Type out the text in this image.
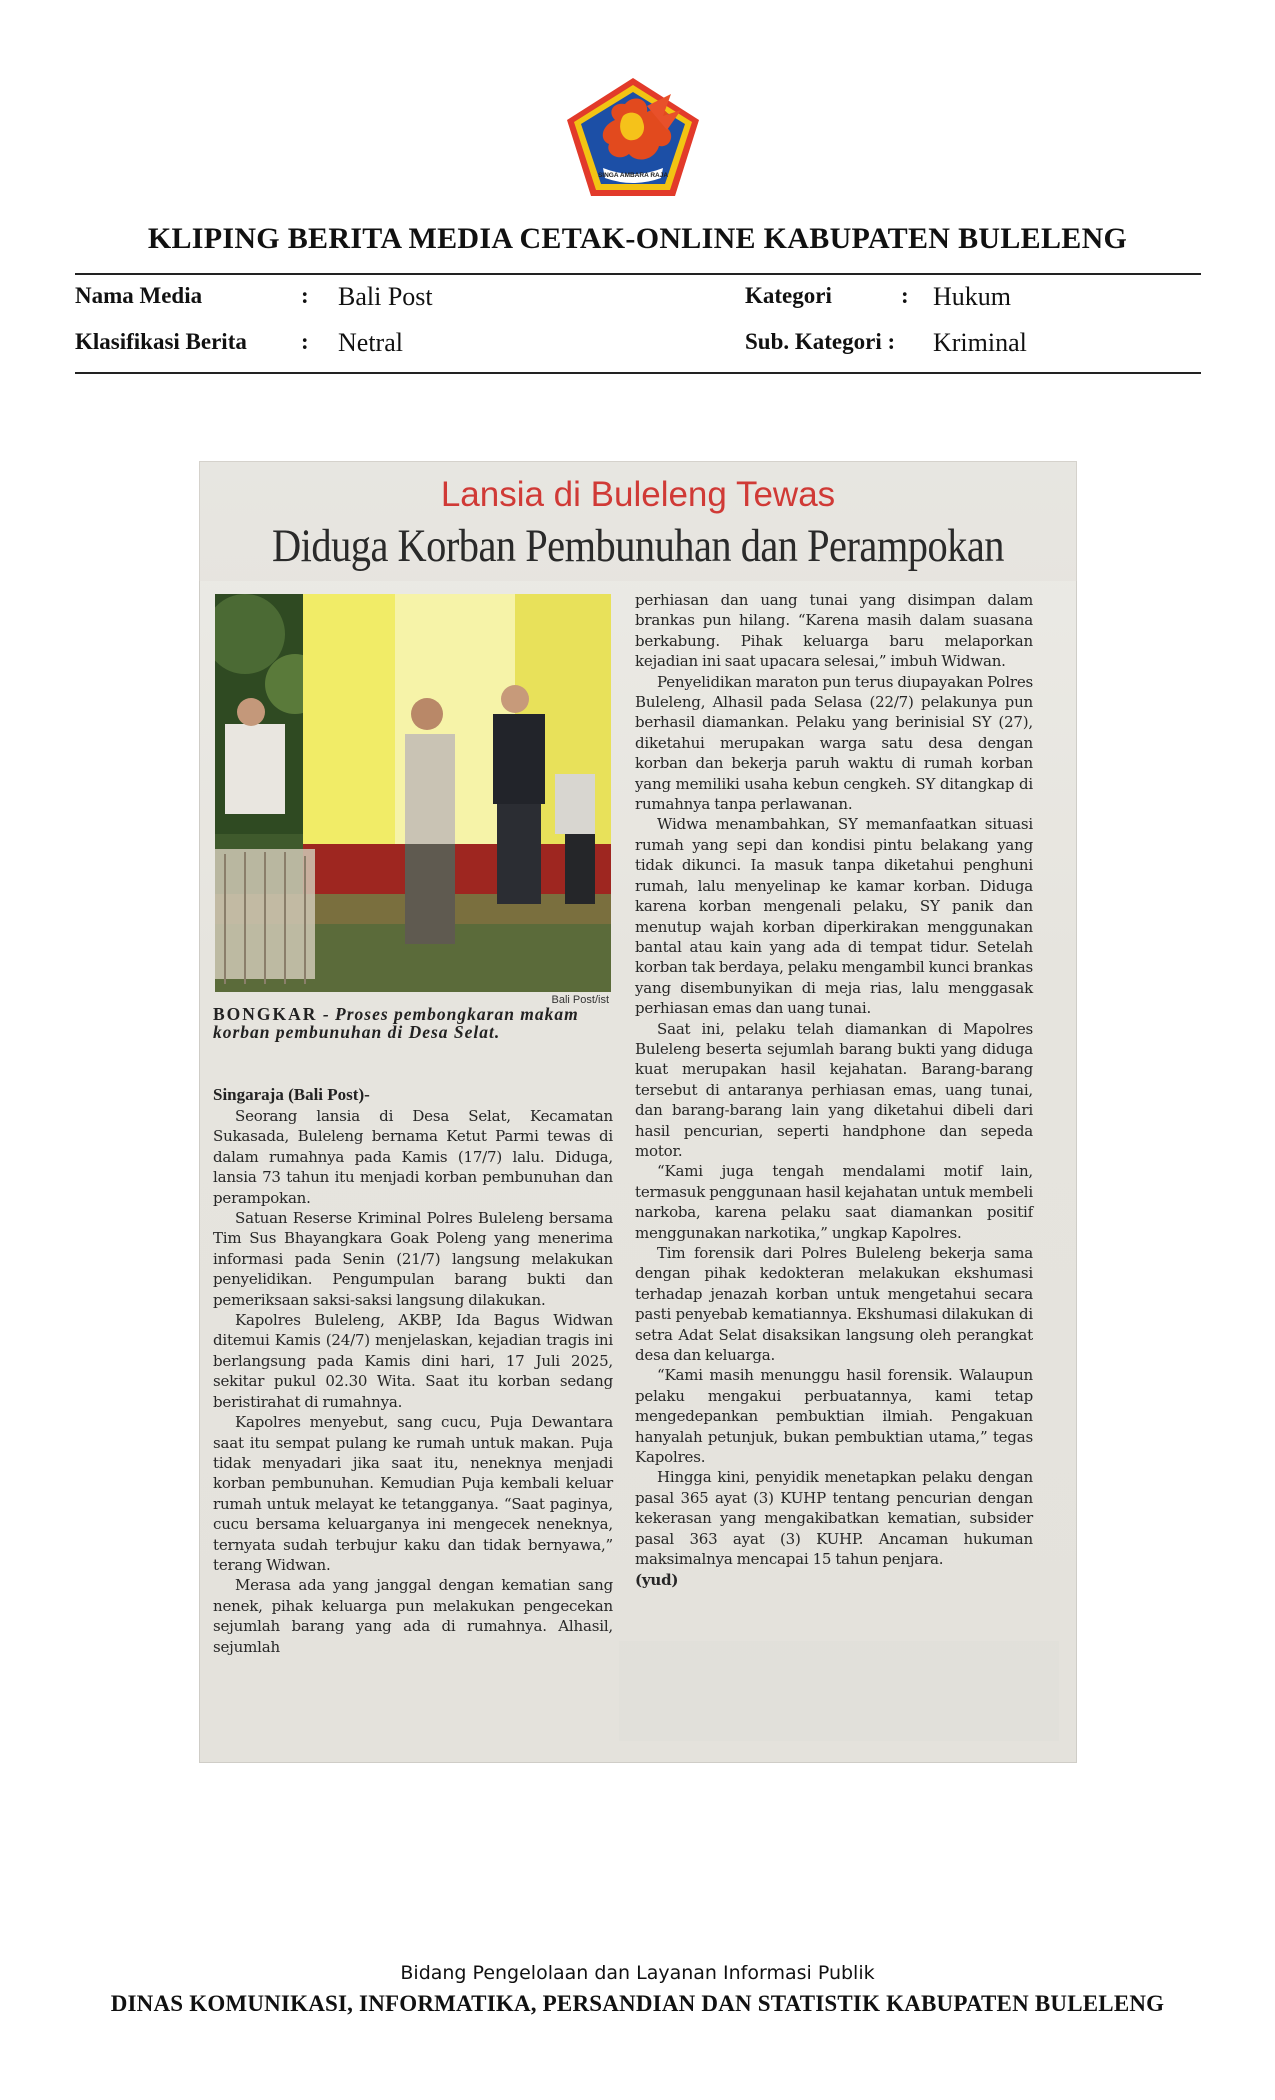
SINGA AMBARA RAJA
KLIPING BERITA MEDIA CETAK-ONLINE KABUPATEN BULELENG
Nama Media	: Bali Post	Kategori	: Hukum
Klasifikasi Berita : Netral	Sub. Kategori : Kriminal
Lansia di Buleleng Tewas
Diduga Korban Pembunuhan dan Perampokan
Bali Post/ist
BONGKAR - Proses pembongkaran makam korban pembunuhan di Desa Selat.
Singaraja (Bali Post)-

Seorang lansia di Desa Selat, Kecamatan Sukasada, Buleleng bernama Ketut Parmi tewas di dalam rumahnya pada Kamis (17/7) lalu. Diduga, lansia 73 tahun itu menjadi korban pembunuhan dan perampokan.

Satuan Reserse Kriminal Polres Buleleng bersama Tim Sus Bhayangkara Goak Poleng yang menerima informasi pada Senin (21/7) langsung melakukan penyelidikan. Pengumpulan barang bukti dan pemeriksaan saksi-saksi langsung dilakukan.

Kapolres Buleleng, AKBP, Ida Bagus Widwan ditemui Kamis (24/7) menjelaskan, kejadian tragis ini berlangsung pada Kamis dini hari, 17 Juli 2025, sekitar pukul 02.30 Wita. Saat itu korban sedang beristirahat di rumahnya.

Kapolres menyebut, sang cucu, Puja Dewantara saat itu sempat pulang ke rumah untuk makan. Puja tidak menyadari jika saat itu, neneknya menjadi korban pembunuhan. Kemudian Puja kembali keluar rumah untuk melayat ke tetangganya. “Saat paginya, cucu bersama keluarganya ini mengecek neneknya, ternyata sudah terbujur kaku dan tidak bernyawa,” terang Widwan.

Merasa ada yang janggal dengan kematian sang nenek, pihak keluarga pun melakukan pengecekan sejumlah barang yang ada di rumahnya. Alhasil, sejumlah

perhiasan dan uang tunai yang disimpan dalam brankas pun hilang. “Karena masih dalam suasana berkabung. Pihak keluarga baru melaporkan kejadian ini saat upacara selesai,” imbuh Widwan.

Penyelidikan maraton pun terus diupayakan Polres Buleleng, Alhasil pada Selasa (22/7) pelakunya pun berhasil diamankan. Pelaku yang berinisial SY (27), diketahui merupakan warga satu desa dengan korban dan bekerja paruh waktu di rumah korban yang memiliki usaha kebun cengkeh. SY ditangkap di rumahnya tanpa perlawanan.

Widwa menambahkan, SY memanfaatkan situasi rumah yang sepi dan kondisi pintu belakang yang tidak dikunci. Ia masuk tanpa diketahui penghuni rumah, lalu menyelinap ke kamar korban. Diduga karena korban mengenali pelaku, SY panik dan menutup wajah korban diperkirakan menggunakan bantal atau kain yang ada di tempat tidur. Setelah korban tak berdaya, pelaku mengambil kunci brankas yang disembunyikan di meja rias, lalu menggasak perhiasan emas dan uang tunai.

Saat ini, pelaku telah diamankan di Mapolres Buleleng beserta sejumlah barang bukti yang diduga kuat merupakan hasil kejahatan. Barang-barang tersebut di antaranya perhiasan emas, uang tunai, dan barang-barang lain yang diketahui dibeli dari hasil pencurian, seperti handphone dan sepeda motor.

“Kami juga tengah mendalami motif lain, termasuk penggunaan hasil kejahatan untuk membeli narkoba, karena pelaku saat diamankan positif menggunakan narkotika,” ungkap Kapolres.

Tim forensik dari Polres Buleleng bekerja sama dengan pihak kedokteran melakukan ekshumasi terhadap jenazah korban untuk mengetahui secara pasti penyebab kematiannya. Ekshumasi dilakukan di setra Adat Selat disaksikan langsung oleh perangkat desa dan keluarga.

“Kami masih menunggu hasil forensik. Walaupun pelaku mengakui perbuatannya, kami tetap mengedepankan pembuktian ilmiah. Pengakuan hanyalah petunjuk, bukan pembuktian utama,” tegas Kapolres.

Hingga kini, penyidik menetapkan pelaku dengan pasal 365 ayat (3) KUHP tentang pencurian dengan kekerasan yang mengakibatkan kematian, subsider pasal 363 ayat (3) KUHP. Ancaman hukuman maksimalnya mencapai 15 tahun penjara.

(yud)

Bidang Pengelolaan dan Layanan Informasi Publik
DINAS KOMUNIKASI, INFORMATIKA, PERSANDIAN DAN STATISTIK KABUPATEN BULELENG
